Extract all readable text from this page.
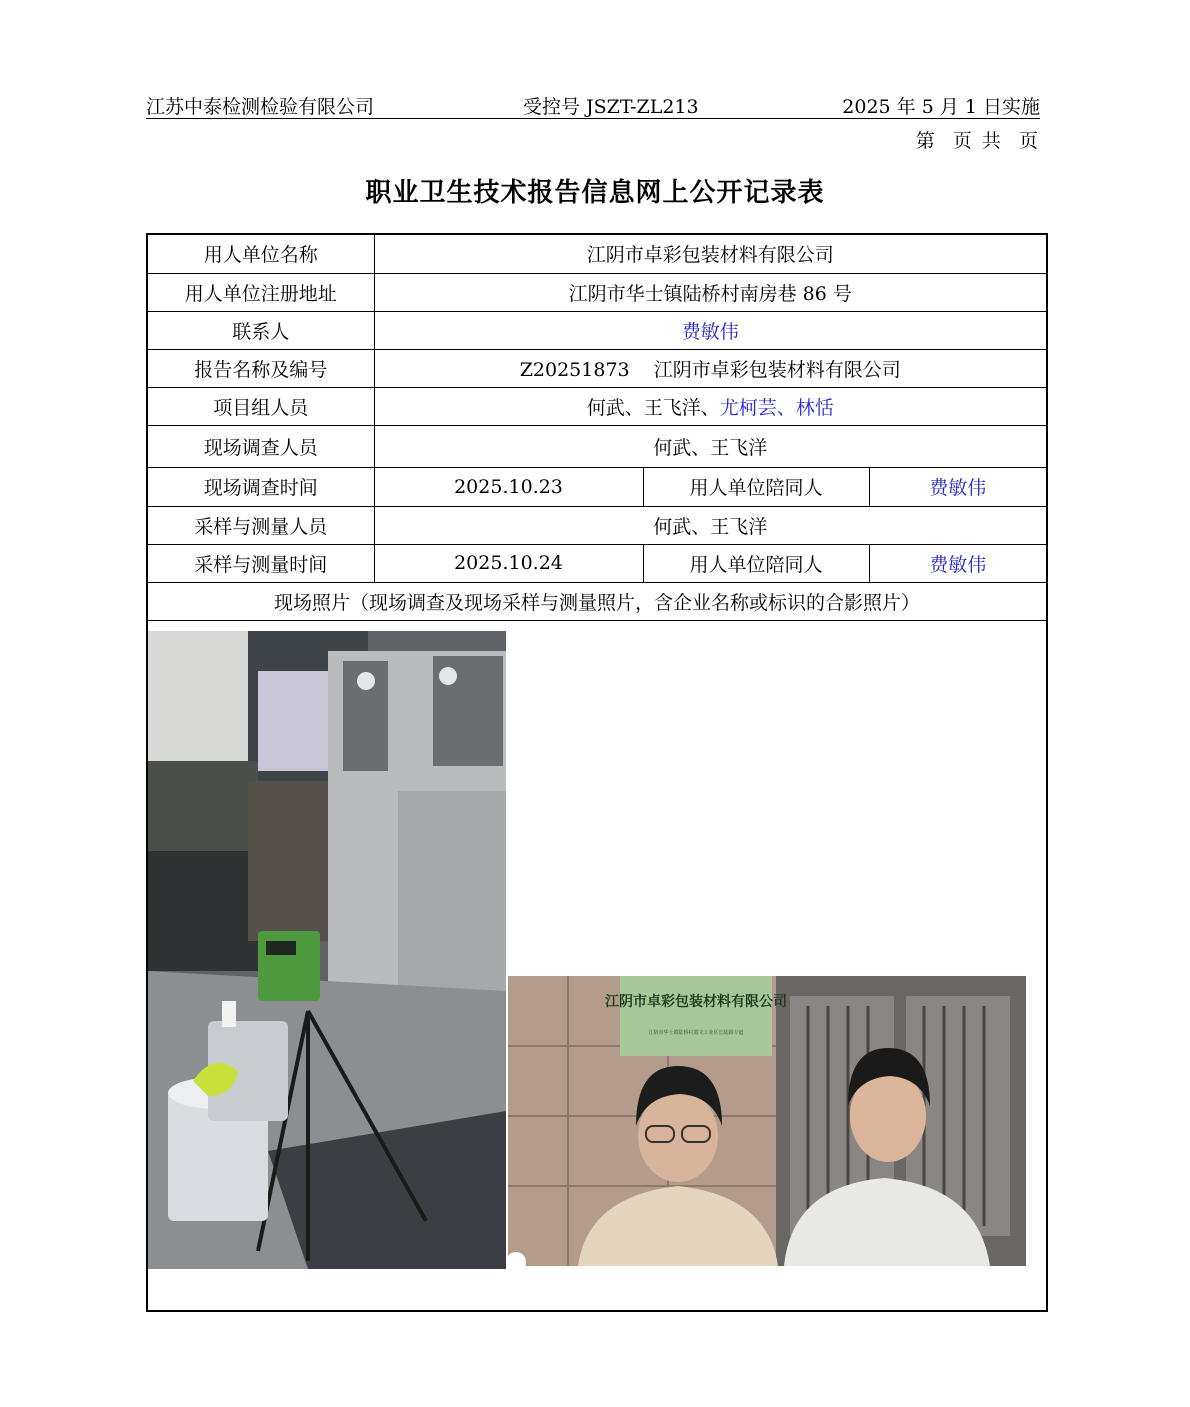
江苏中泰检测检验有限公司	受控号 JSZT-ZL213	2025 年 5 月 1 日实施
第  页 共  页
职业卫生技术报告信息网上公开记录表
用人单位名称	江阴市卓彩包装材料有限公司		
用人单位注册地址	江阴市华士镇陆桥村南房巷 86 号		
联系人	费敏伟		
报告名称及编号	Z20251873    江阴市卓彩包装材料有限公司		
项目组人员	何武、王飞洋、尤柯芸、林恬		
现场调查人员	何武、王飞洋		
现场调查时间	2025.10.23	用人单位陪同人	费敏伟
采样与测量人员	何武、王飞洋		
采样与测量时间	2025.10.24	用人单位陪同人	费敏伟
现场照片（现场调查及现场采样与测量照片，含企业名称或标识的合影照片）			
江阴市卓彩包装材料有限公司
江阴市华士镇陆桥村霞文工业区长陆路专道
